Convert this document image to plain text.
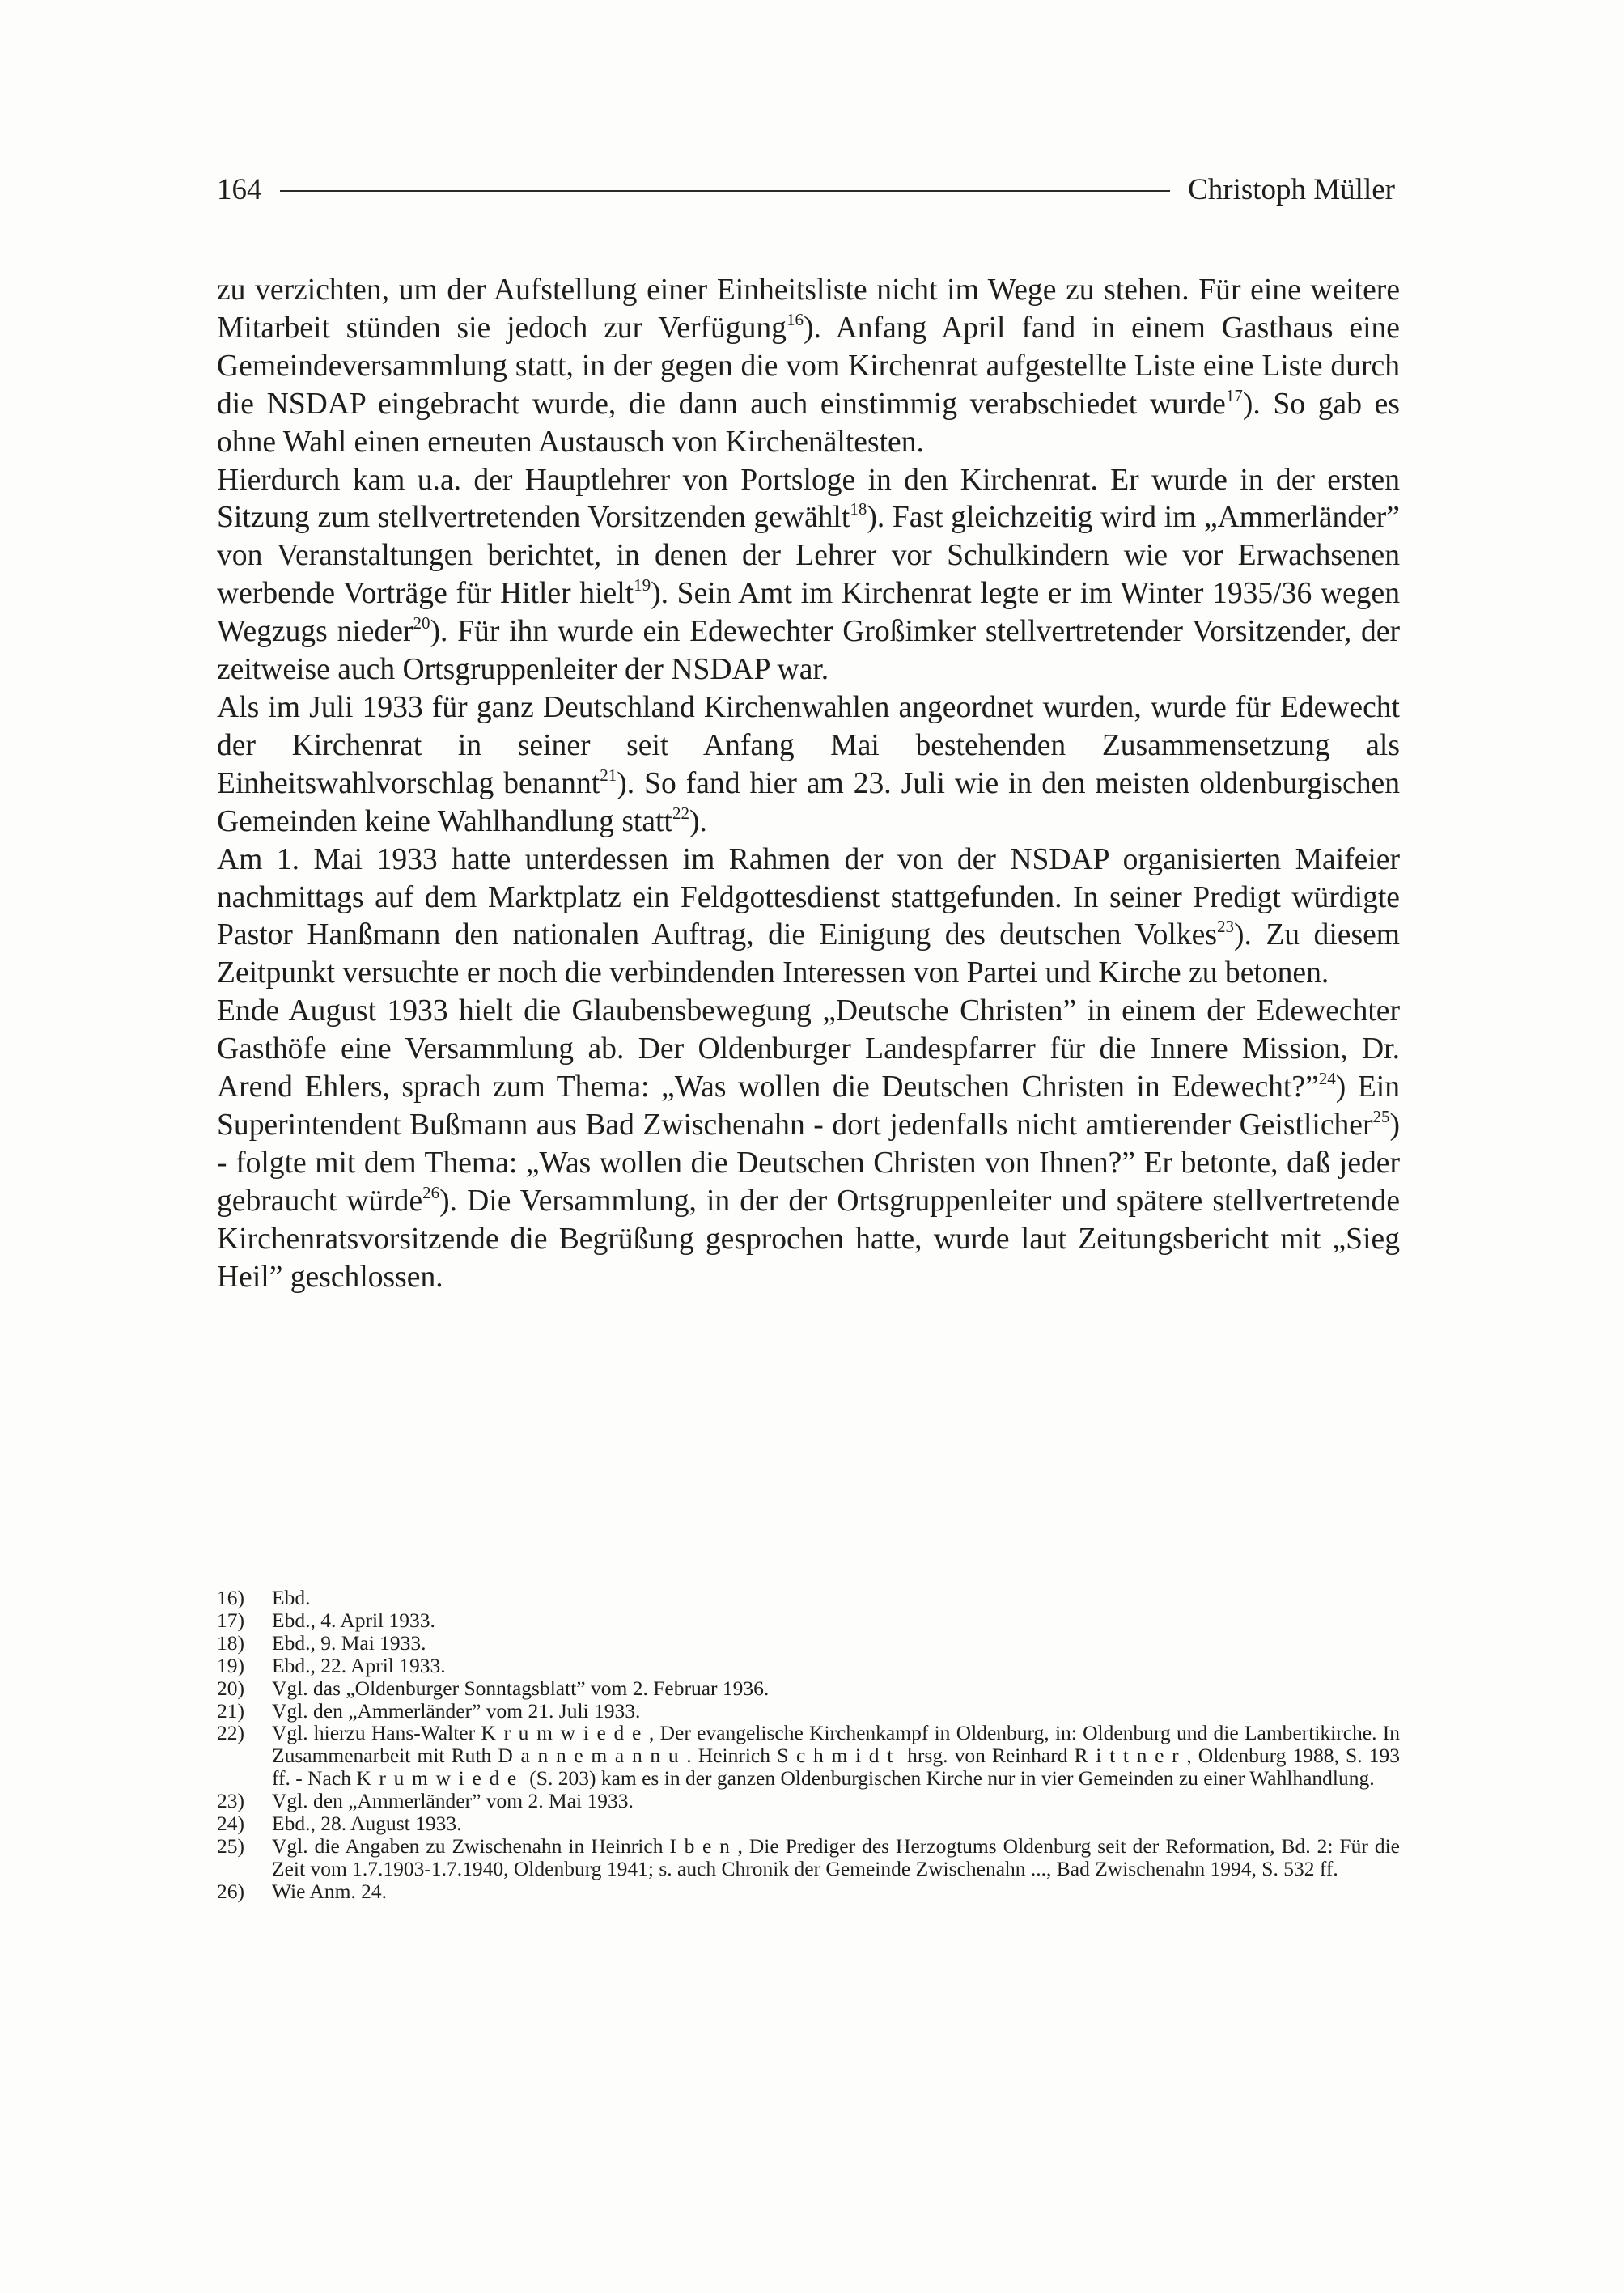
164	Christoph Müller

zu verzichten, um der Aufstellung einer Einheitsliste nicht im Wege zu stehen. Für eine weitere Mitarbeit stünden sie jedoch zur Verfügung$^{16}$). Anfang April fand in einem Gasthaus eine Gemeindeversammlung statt, in der gegen die vom Kirchenrat aufgestellte Liste eine Liste durch die NSDAP eingebracht wurde, die dann auch einstimmig verabschiedet wurde$^{17}$). So gab es ohne Wahl einen erneuten Austausch von Kirchenältesten.

Hierdurch kam u.a. der Hauptlehrer von Portsloge in den Kirchenrat. Er wurde in der ersten Sitzung zum stellvertretenden Vorsitzenden gewählt$^{18}$). Fast gleichzeitig wird im „Ammerländer” von Veranstaltungen berichtet, in denen der Lehrer vor Schulkindern wie vor Erwachsenen werbende Vorträge für Hitler hielt$^{19}$). Sein Amt im Kirchenrat legte er im Winter 1935/36 wegen Wegzugs nieder$^{20}$). Für ihn wurde ein Edewechter Großimker stellvertretender Vorsitzender, der zeitweise auch Ortsgruppenleiter der NSDAP war.

Als im Juli 1933 für ganz Deutschland Kirchenwahlen angeordnet wurden, wurde für Edewecht der Kirchenrat in seiner seit Anfang Mai bestehenden Zusammensetzung als Einheitswahlvorschlag benannt$^{21}$). So fand hier am 23. Juli wie in den meisten oldenburgischen Gemeinden keine Wahlhandlung statt$^{22}$).

Am 1. Mai 1933 hatte unterdessen im Rahmen der von der NSDAP organisierten Maifeier nachmittags auf dem Marktplatz ein Feldgottesdienst stattgefunden. In seiner Predigt würdigte Pastor Hanßmann den nationalen Auftrag, die Einigung des deutschen Volkes$^{23}$). Zu diesem Zeitpunkt versuchte er noch die verbindenden Interessen von Partei und Kirche zu betonen.

Ende August 1933 hielt die Glaubensbewegung „Deutsche Christen” in einem der Edewechter Gasthöfe eine Versammlung ab. Der Oldenburger Landespfarrer für die Innere Mission, Dr. Arend Ehlers, sprach zum Thema: „Was wollen die Deutschen Christen in Edewecht?”$^{24}$) Ein Superintendent Bußmann aus Bad Zwischenahn - dort jedenfalls nicht amtierender Geistlicher$^{25}$) - folgte mit dem Thema: „Was wollen die Deutschen Christen von Ihnen?” Er betonte, daß jeder gebraucht würde$^{26}$). Die Versammlung, in der der Ortsgruppenleiter und spätere stellvertretende Kirchenratsvorsitzende die Begrüßung gesprochen hatte, wurde laut Zeitungsbericht mit „Sieg Heil” geschlossen.

16)	Ebd.
17)	Ebd., 4. April 1933.
18)	Ebd., 9. Mai 1933.
19)	Ebd., 22. April 1933.
20)	Vgl. das „Oldenburger Sonntagsblatt” vom 2. Februar 1936.
21)	Vgl. den „Ammerländer” vom 21. Juli 1933.
22)	Vgl. hierzu Hans-Walter Krumwiede, Der evangelische Kirchenkampf in Oldenburg, in: Oldenburg und die Lambertikirche. In Zusammenarbeit mit Ruth Dannemannu. Heinrich Schmidt hrsg. von Reinhard Rittner, Oldenburg 1988, S. 193 ff. - Nach Krumwiede (S. 203) kam es in der ganzen Oldenburgischen Kirche nur in vier Gemeinden zu einer Wahlhandlung.
23)	Vgl. den „Ammerländer” vom 2. Mai 1933.
24)	Ebd., 28. August 1933.
25)	Vgl. die Angaben zu Zwischenahn in Heinrich Iben, Die Prediger des Herzogtums Oldenburg seit der Reformation, Bd. 2: Für die Zeit vom 1.7.1903-1.7.1940, Oldenburg 1941; s. auch Chronik der Gemeinde Zwischenahn ..., Bad Zwischenahn 1994, S. 532 ff.
26)	Wie Anm. 24.
